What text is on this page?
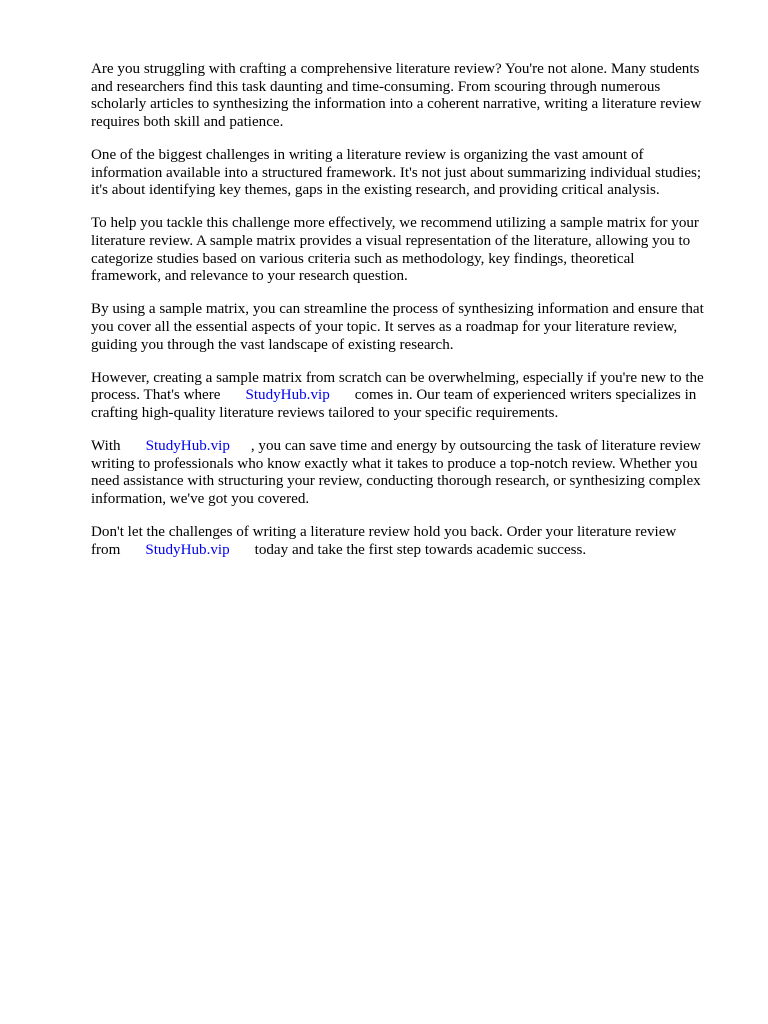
Are you struggling with crafting a comprehensive literature review? You're not alone. Many students
and researchers find this task daunting and time-consuming. From scouring through numerous
scholarly articles to synthesizing the information into a coherent narrative, writing a literature review
requires both skill and patience.

One of the biggest challenges in writing a literature review is organizing the vast amount of
information available into a structured framework. It's not just about summarizing individual studies;
it's about identifying key themes, gaps in the existing research, and providing critical analysis.

To help you tackle this challenge more effectively, we recommend utilizing a sample matrix for your
literature review. A sample matrix provides a visual representation of the literature, allowing you to
categorize studies based on various criteria such as methodology, key findings, theoretical
framework, and relevance to your research question.

By using a sample matrix, you can streamline the process of synthesizing information and ensure that
you cover all the essential aspects of your topic. It serves as a roadmap for your literature review,
guiding you through the vast landscape of existing research.

However, creating a sample matrix from scratch can be overwhelming, especially if you're new to the
process. That's where StudyHub.vip comes in. Our team of experienced writers specializes in
crafting high-quality literature reviews tailored to your specific requirements.

With StudyHub.vip , you can save time and energy by outsourcing the task of literature review
writing to professionals who know exactly what it takes to produce a top-notch review. Whether you
need assistance with structuring your review, conducting thorough research, or synthesizing complex
information, we've got you covered.

Don't let the challenges of writing a literature review hold you back. Order your literature review
from StudyHub.vip today and take the first step towards academic success.
